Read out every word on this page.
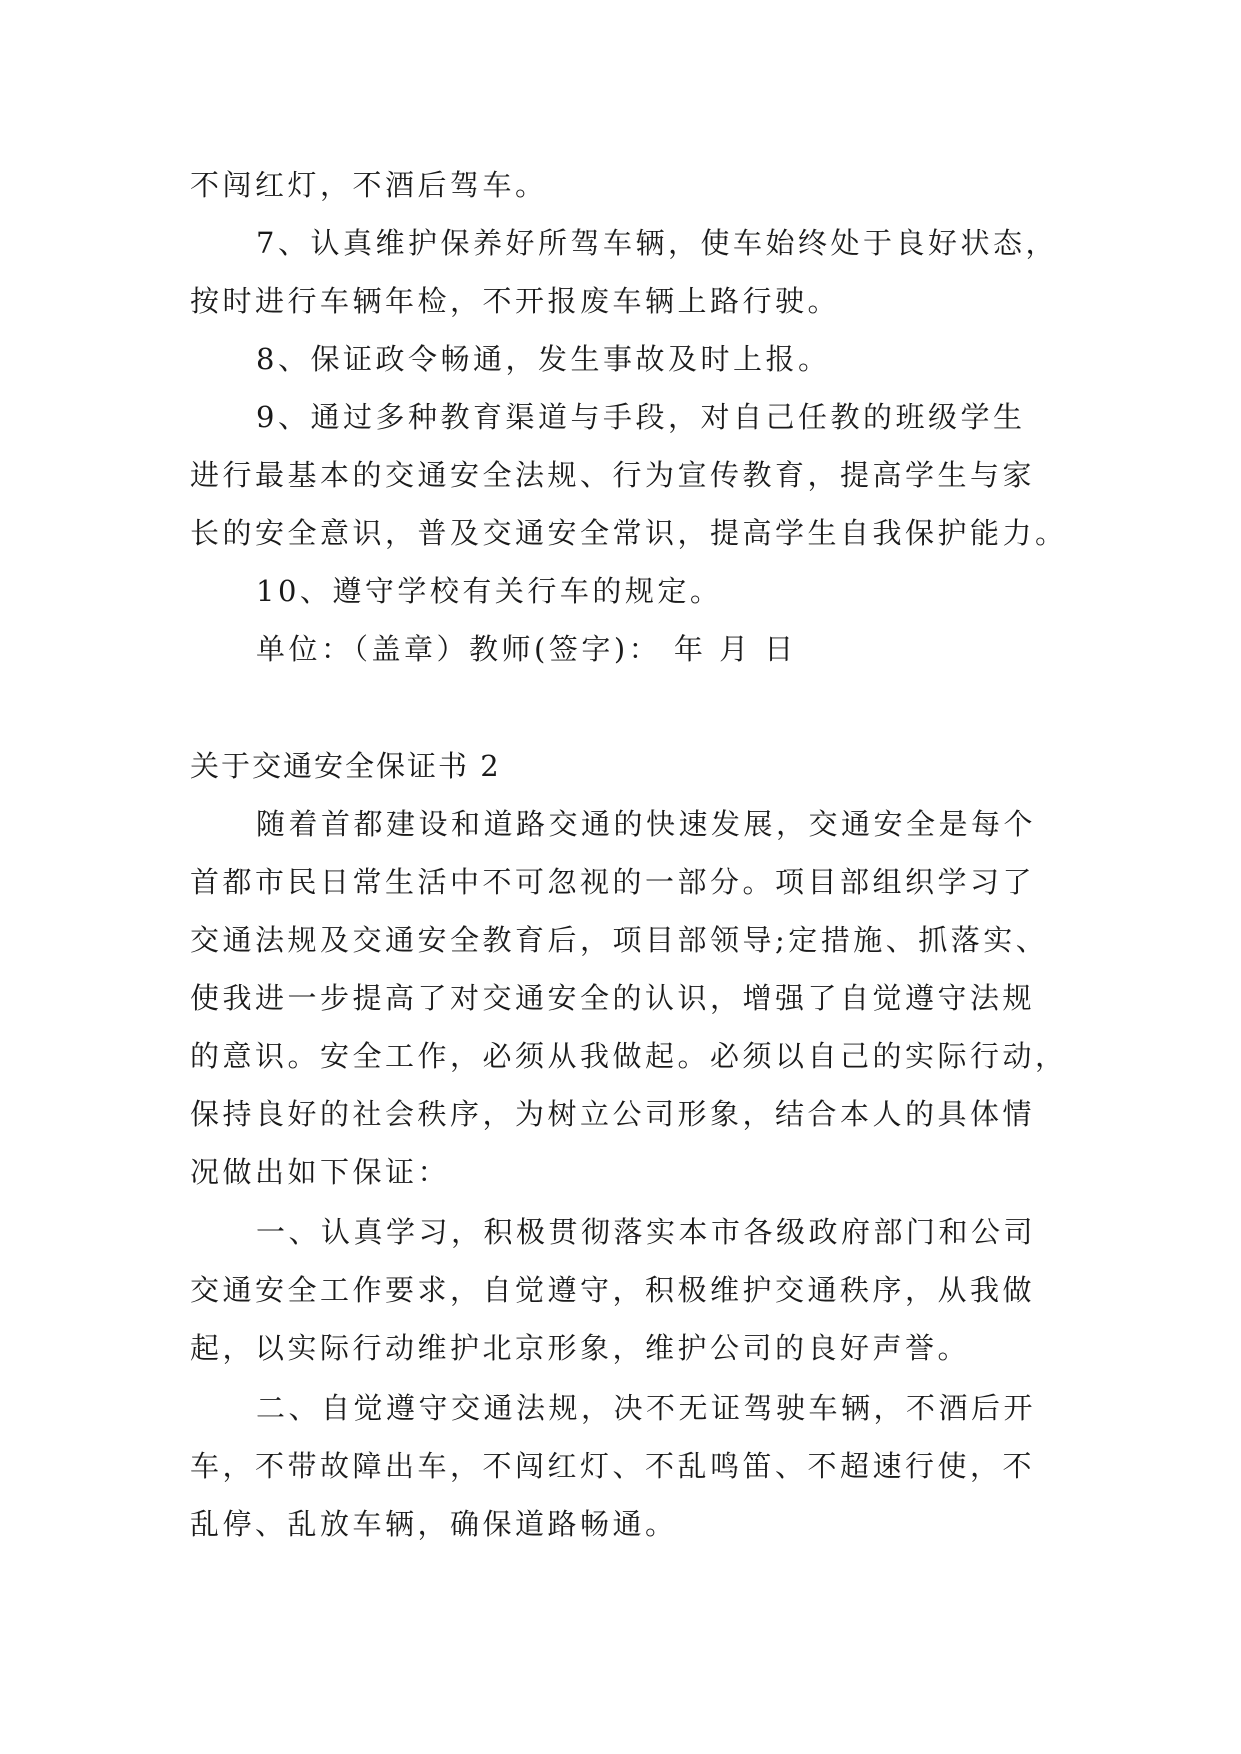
不闯红灯，不酒后驾车。
7、认真维护保养好所驾车辆，使车始终处于良好状态，
按时进行车辆年检，不开报废车辆上路行驶。
8、保证政令畅通，发生事故及时上报。
9、通过多种教育渠道与手段，对自己任教的班级学生
进行最基本的交通安全法规、行为宣传教育，提高学生与家
长的安全意识，普及交通安全常识，提高学生自我保护能力。
10、遵守学校有关行车的规定。
单位：（盖章）教师(签字)： 年 月 日
关于交通安全保证书 2
随着首都建设和道路交通的快速发展，交通安全是每个
首都市民日常生活中不可忽视的一部分。项目部组织学习了
交通法规及交通安全教育后，项目部领导;定措施、抓落实、
使我进一步提高了对交通安全的认识，增强了自觉遵守法规
的意识。安全工作，必须从我做起。必须以自己的实际行动，
保持良好的社会秩序，为树立公司形象，结合本人的具体情
况做出如下保证：
一、认真学习，积极贯彻落实本市各级政府部门和公司
交通安全工作要求，自觉遵守，积极维护交通秩序，从我做
起，以实际行动维护北京形象，维护公司的良好声誉。
二、自觉遵守交通法规，决不无证驾驶车辆，不酒后开
车，不带故障出车，不闯红灯、不乱鸣笛、不超速行使，不
乱停、乱放车辆，确保道路畅通。
